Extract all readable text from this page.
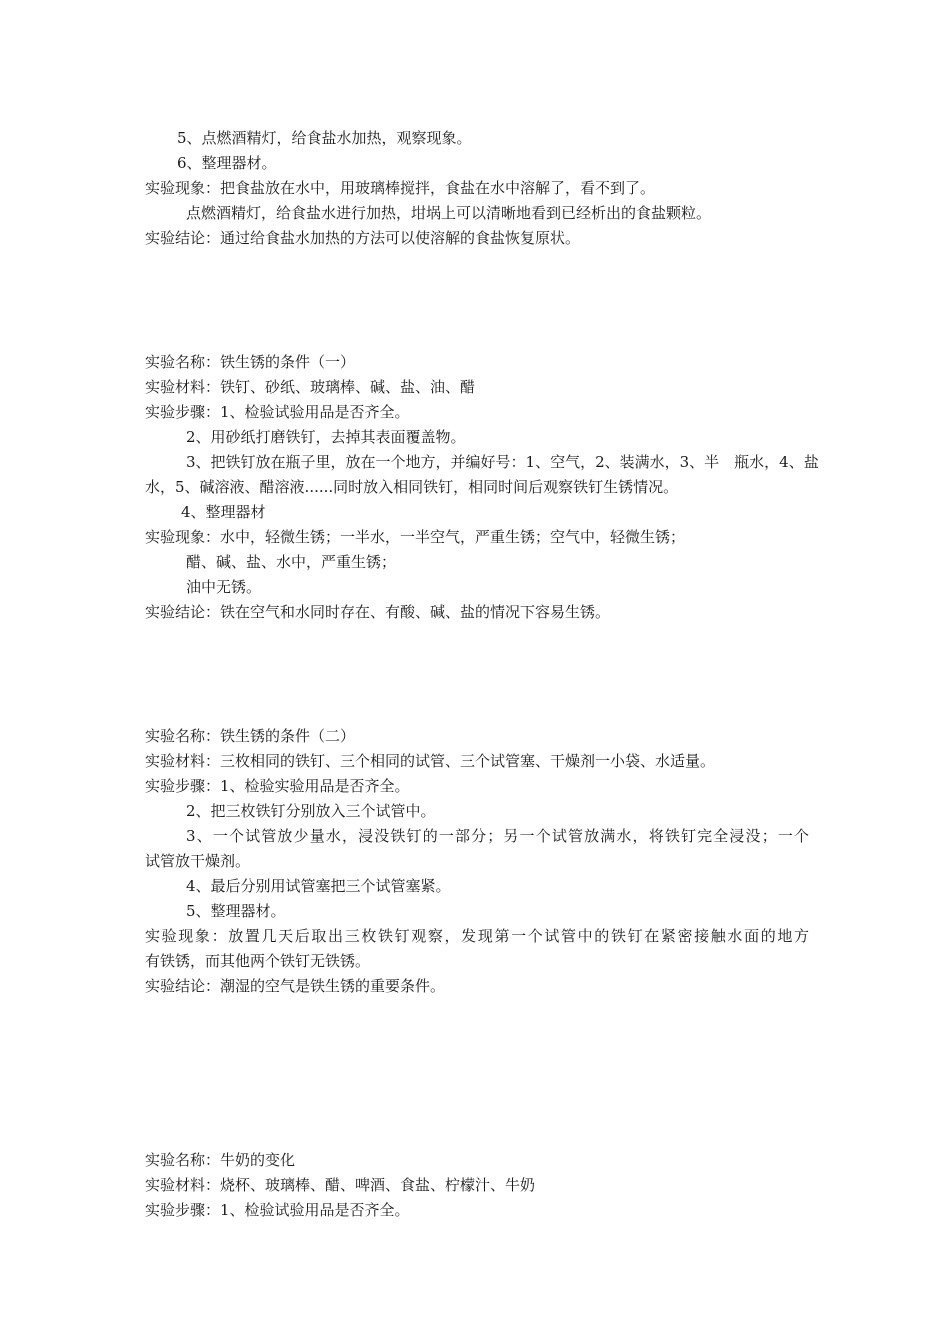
5、点燃酒精灯，给食盐水加热，观察现象。
6、整理器材。
实验现象：把食盐放在水中，用玻璃棒搅拌，食盐在水中溶解了，看不到了。
点燃酒精灯，给食盐水进行加热，坩埚上可以清晰地看到已经析出的食盐颗粒。
实验结论：通过给食盐水加热的方法可以使溶解的食盐恢复原状。
实验名称：铁生锈的条件（一）
实验材料：铁钉、砂纸、玻璃棒、碱、盐、油、醋
实验步骤：1、检验试验用品是否齐全。
2、用砂纸打磨铁钉，去掉其表面覆盖物。
3、把铁钉放在瓶子里，放在一个地方，并编好号：1、空气，2、装满水，3、半　瓶水，4、盐
水，5、碱溶液、醋溶液......同时放入相同铁钉，相同时间后观察铁钉生锈情况。
4、整理器材
实验现象：水中，轻微生锈；一半水，一半空气，严重生锈；空气中，轻微生锈；
醋、碱、盐、水中，严重生锈；
油中无锈。
实验结论：铁在空气和水同时存在、有酸、碱、盐的情况下容易生锈。
实验名称：铁生锈的条件（二）
实验材料：三枚相同的铁钉、三个相同的试管、三个试管塞、干燥剂一小袋、水适量。
实验步骤：1、检验实验用品是否齐全。
2、把三枚铁钉分别放入三个试管中。
3、一个试管放少量水，浸没铁钉的一部分；另一个试管放满水，将铁钉完全浸没；一个
试管放干燥剂。
4、最后分别用试管塞把三个试管塞紧。
5、整理器材。
实验现象：放置几天后取出三枚铁钉观察，发现第一个试管中的铁钉在紧密接触水面的地方
有铁锈，而其他两个铁钉无铁锈。
实验结论：潮湿的空气是铁生锈的重要条件。
实验名称：牛奶的变化
实验材料：烧杯、玻璃棒、醋、啤酒、食盐、柠檬汁、牛奶
实验步骤：1、检验试验用品是否齐全。
